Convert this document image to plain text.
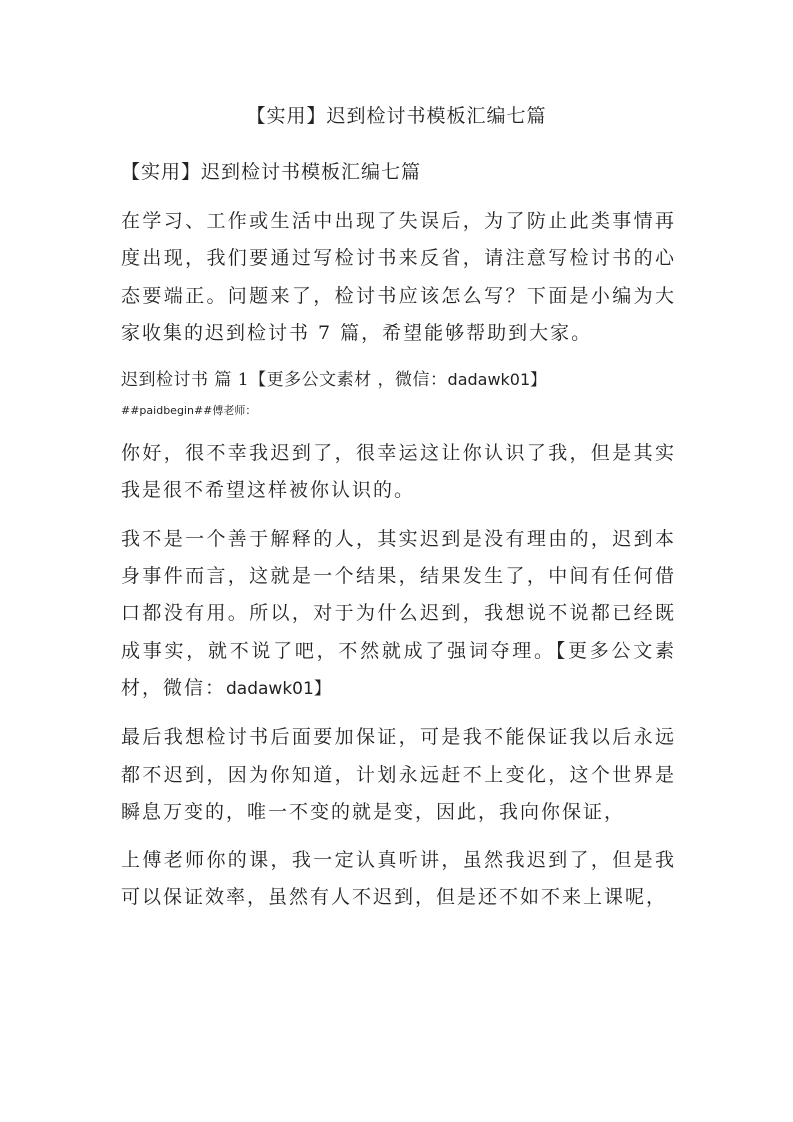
【实用】迟到检讨书模板汇编七篇
【实用】迟到检讨书模板汇编七篇

在学习、工作或生活中出现了失误后，为了防止此类事情再度出现，我们要通过写检讨书来反省，请注意写检讨书的心态要端正。问题来了，检讨书应该怎么写？下面是小编为大家收集的迟到检讨书 7 篇，希望能够帮助到大家。

迟到检讨书 篇 1【更多公文素材 ，微信：dadawk01】
##paidbegin##傅老师：

你好，很不幸我迟到了，很幸运这让你认识了我，但是其实我是很不希望这样被你认识的。

我不是一个善于解释的人，其实迟到是没有理由的，迟到本身事件而言，这就是一个结果，结果发生了，中间有任何借口都没有用。所以，对于为什么迟到，我想说不说都已经既成事实，就不说了吧，不然就成了强词夺理。【更多公文素 材，微信：dadawk01】

最后我想检讨书后面要加保证，可是我不能保证我以后永远都不迟到，因为你知道，计划永远赶不上变化，这个世界是瞬息万变的，唯一不变的就是变，因此，我向你保证，

上傅老师你的课，我一定认真听讲，虽然我迟到了，但是我可以保证效率，虽然有人不迟到，但是还不如不来上课呢，
